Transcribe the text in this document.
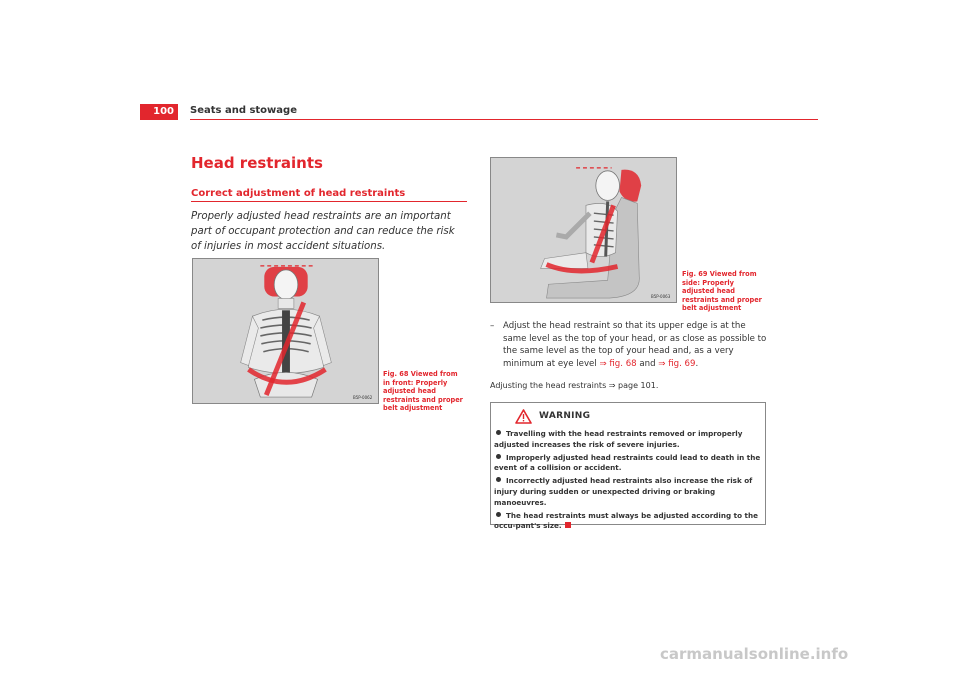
100	Seats and stowage
Head restraints
Correct adjustment of head restraints

Properly adjusted head restraints are an important part of occupant protection and can reduce the risk of injuries in most accident situations.

B5P-0062
Fig. 68 Viewed from in front: Properly adjusted head restraints and proper belt adjustment
B5P-0063
Fig. 69 Viewed from side: Properly adjusted head restraints and proper belt adjustment
–	Adjust the head restraint so that its upper edge is at the same level as the top of your head, or as close as possible to the same level as the top of your head and, as a very minimum at eye level ⇒ fig. 68 and ⇒ fig. 69.
Adjusting the head restraints ⇒ page 101.
WARNING
Travelling with the head restraints removed or improperly adjusted increases the risk of severe injuries.
Improperly adjusted head restraints could lead to death in the event of a collision or accident.
Incorrectly adjusted head restraints also increase the risk of injury during sudden or unexpected driving or braking manoeuvres.
The head restraints must always be adjusted according to the occu-pant's size.
carmanualsonline.info
